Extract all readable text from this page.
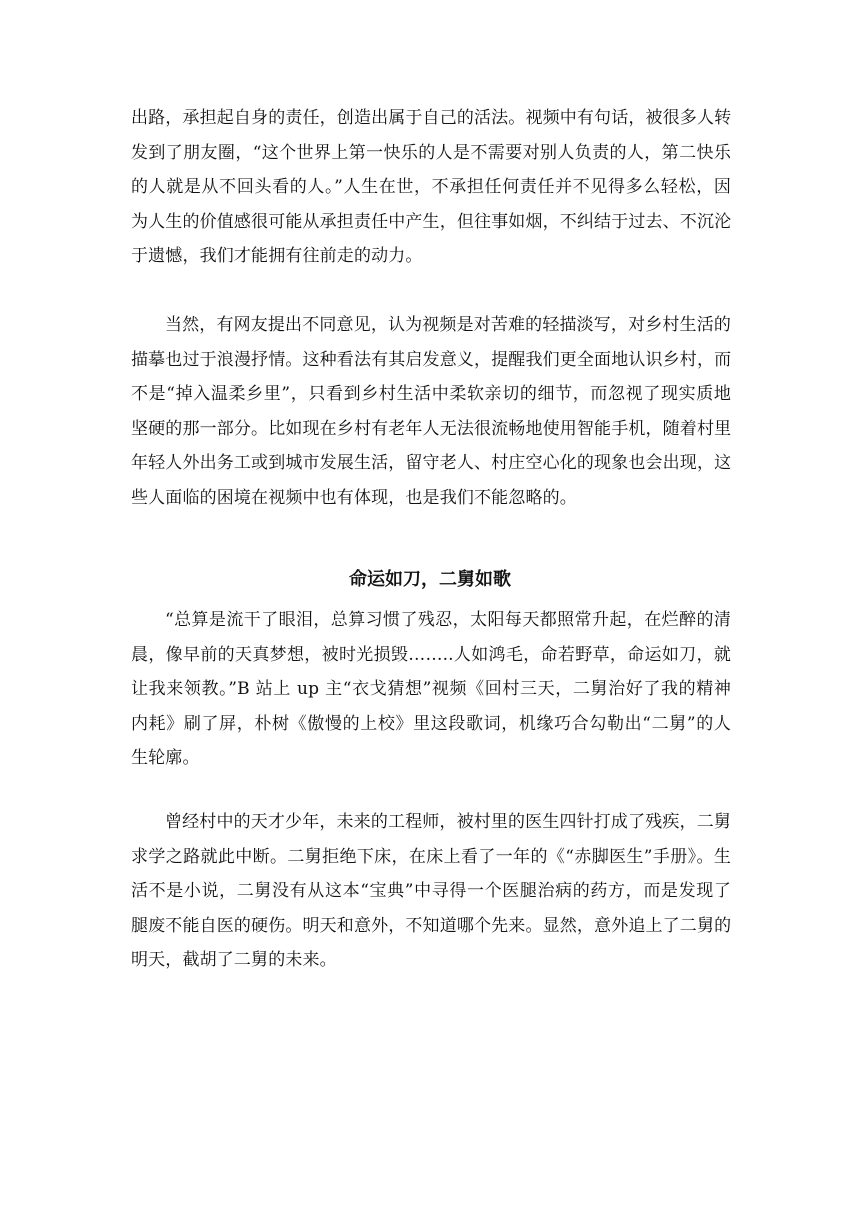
出路，承担起自身的责任，创造出属于自己的活法。视频中有句话，被很多人转
发到了朋友圈，“这个世界上第一快乐的人是不需要对别人负责的人，第二快乐
的人就是从不回头看的人。”人生在世，不承担任何责任并不见得多么轻松，因
为人生的价值感很可能从承担责任中产生，但往事如烟，不纠结于过去、不沉沦
于遗憾，我们才能拥有往前走的动力。
当然，有网友提出不同意见，认为视频是对苦难的轻描淡写，对乡村生活的
描摹也过于浪漫抒情。这种看法有其启发意义，提醒我们更全面地认识乡村，而
不是“掉入温柔乡里”，只看到乡村生活中柔软亲切的细节，而忽视了现实质地
坚硬的那一部分。比如现在乡村有老年人无法很流畅地使用智能手机，随着村里
年轻人外出务工或到城市发展生活，留守老人、村庄空心化的现象也会出现，这
些人面临的困境在视频中也有体现，也是我们不能忽略的。
命运如刀，二舅如歌
“总算是流干了眼泪，总算习惯了残忍，太阳每天都照常升起，在烂醉的清
晨，像早前的天真梦想，被时光损毁……..人如鸿毛，命若野草，命运如刀，就
让我来领教。”B 站上 up 主“衣戈猜想”视频《回村三天，二舅治好了我的精神
内耗》刷了屏，朴树《傲慢的上校》里这段歌词，机缘巧合勾勒出“二舅”的人
生轮廓。
曾经村中的天才少年，未来的工程师，被村里的医生四针打成了残疾，二舅
求学之路就此中断。二舅拒绝下床，在床上看了一年的《“赤脚医生”手册》。生
活不是小说，二舅没有从这本“宝典”中寻得一个医腿治病的药方，而是发现了
腿废不能自医的硬伤。明天和意外，不知道哪个先来。显然，意外追上了二舅的
明天，截胡了二舅的未来。
